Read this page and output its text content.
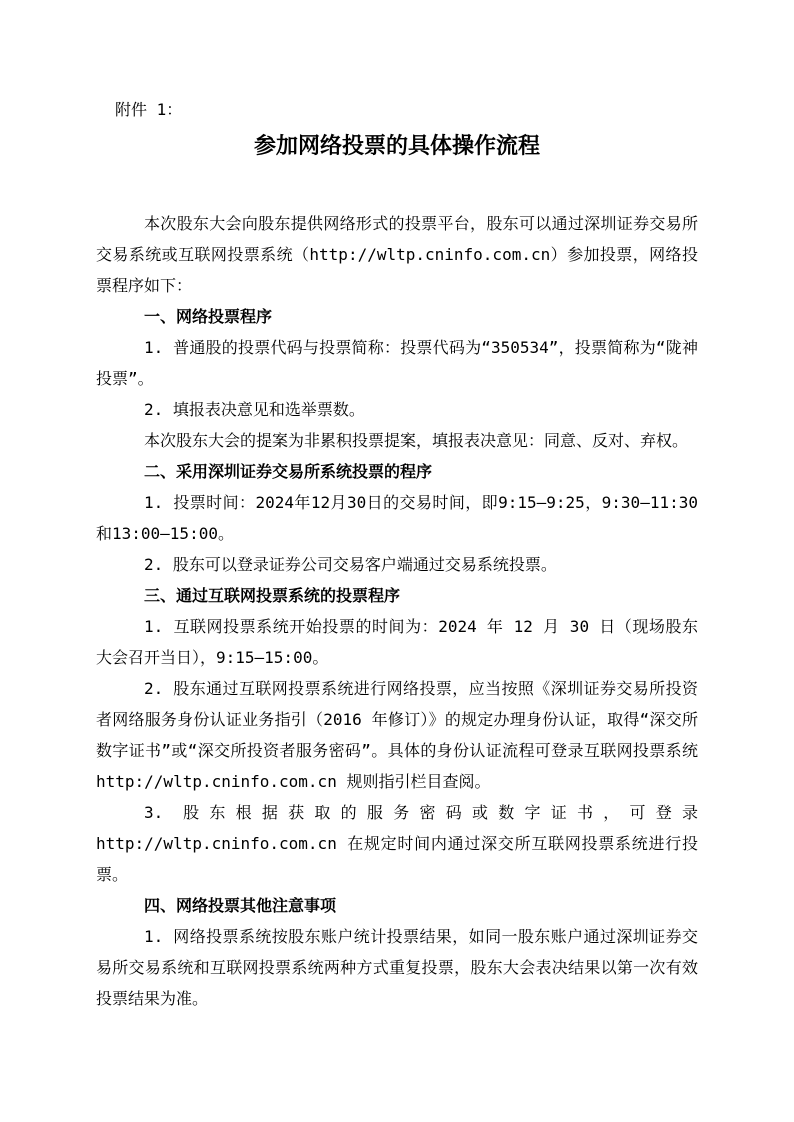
附件 1：
参加网络投票的具体操作流程

本次股东大会向股东提供网络形式的投票平台，股东可以通过深圳证券交易所交易系统或互联网投票系统（http://wltp.cninfo.com.cn）参加投票，网络投票程序如下：

一、网络投票程序

1. 普通股的投票代码与投票简称：投票代码为“350534”，投票简称为“陇神投票”。

2. 填报表决意见和选举票数。

本次股东大会的提案为非累积投票提案，填报表决意见：同意、反对、弃权。

二、采用深圳证券交易所系统投票的程序

1. 投票时间：2024年12月30日的交易时间，即9:15—9:25，9:30—11:30和13:00—15:00。

2. 股东可以登录证券公司交易客户端通过交易系统投票。

三、通过互联网投票系统的投票程序

1. 互联网投票系统开始投票的时间为：2024 年 12 月 30 日（现场股东大会召开当日），9:15—15:00。

2. 股东通过互联网投票系统进行网络投票，应当按照《深圳证券交易所投资者网络服务身份认证业务指引（2016 年修订）》的规定办理身份认证，取得“深交所数字证书”或“深交所投资者服务密码”。具体的身份认证流程可登录互联网投票系统 http://wltp.cninfo.com.cn 规则指引栏目查阅。

3. 股东根据获取的服务密码或数字证书，可登录 http://wltp.cninfo.com.cn 在规定时间内通过深交所互联网投票系统进行投票。

四、网络投票其他注意事项

1. 网络投票系统按股东账户统计投票结果，如同一股东账户通过深圳证券交易所交易系统和互联网投票系统两种方式重复投票，股东大会表决结果以第一次有效投票结果为准。
